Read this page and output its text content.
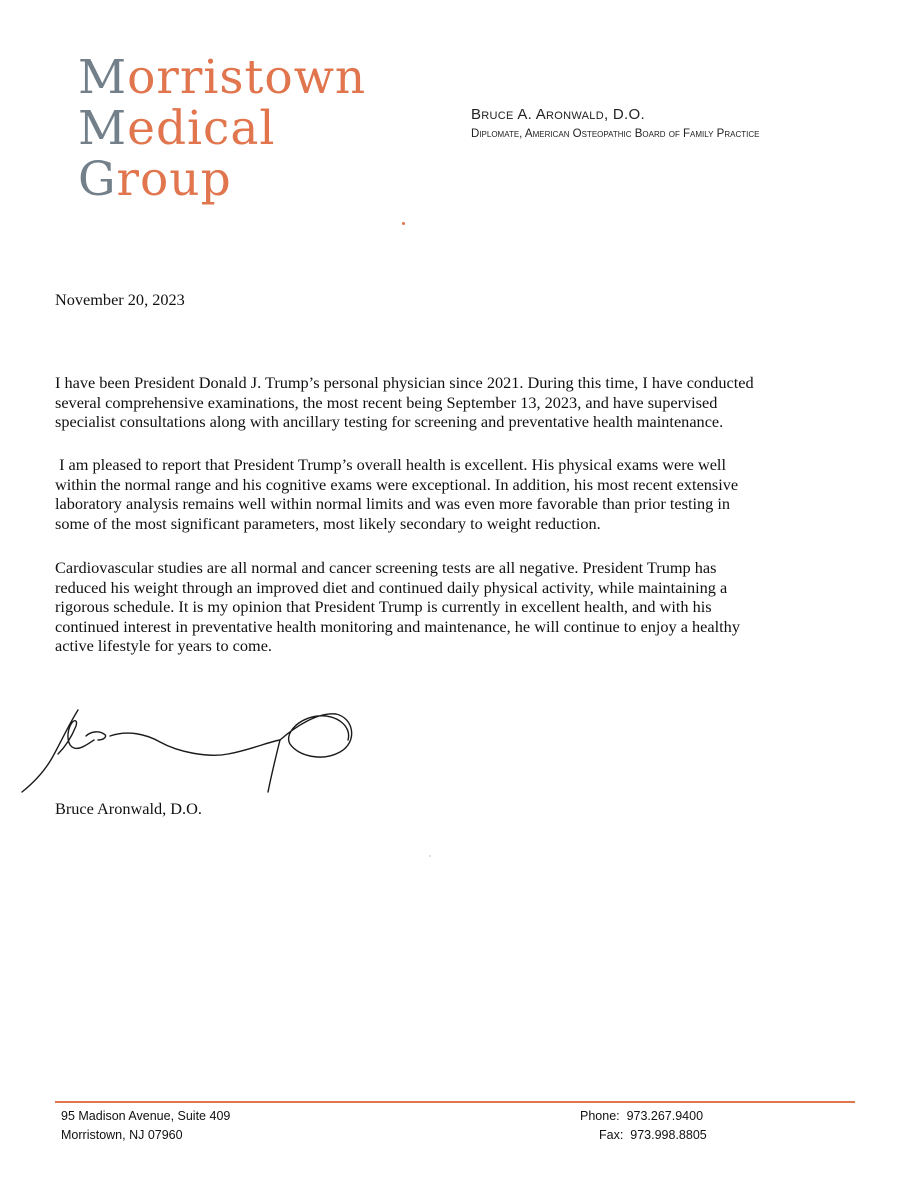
Morristown
Medical
Group
Bruce A. Aronwald, D.O.
Diplomate, American Osteopathic Board of Family Practice
November 20, 2023

I have been President Donald J. Trump’s personal physician since 2021. During this time, I have conducted
several comprehensive examinations, the most recent being September 13, 2023, and have supervised
specialist consultations along with ancillary testing for screening and preventative health maintenance.

I am pleased to report that President Trump’s overall health is excellent. His physical exams were well
within the normal range and his cognitive exams were exceptional. In addition, his most recent extensive
laboratory analysis remains well within normal limits and was even more favorable than prior testing in
some of the most significant parameters, most likely secondary to weight reduction.

Cardiovascular studies are all normal and cancer screening tests are all negative. President Trump has
reduced his weight through an improved diet and continued daily physical activity, while maintaining a
rigorous schedule. It is my opinion that President Trump is currently in excellent health, and with his
continued interest in preventative health monitoring and maintenance, he will continue to enjoy a healthy
active lifestyle for years to come.

Bruce Aronwald, D.O.
95 Madison Avenue, Suite 409
Morristown, NJ 07960
Phone:  973.267.9400
Fax:  973.998.8805
